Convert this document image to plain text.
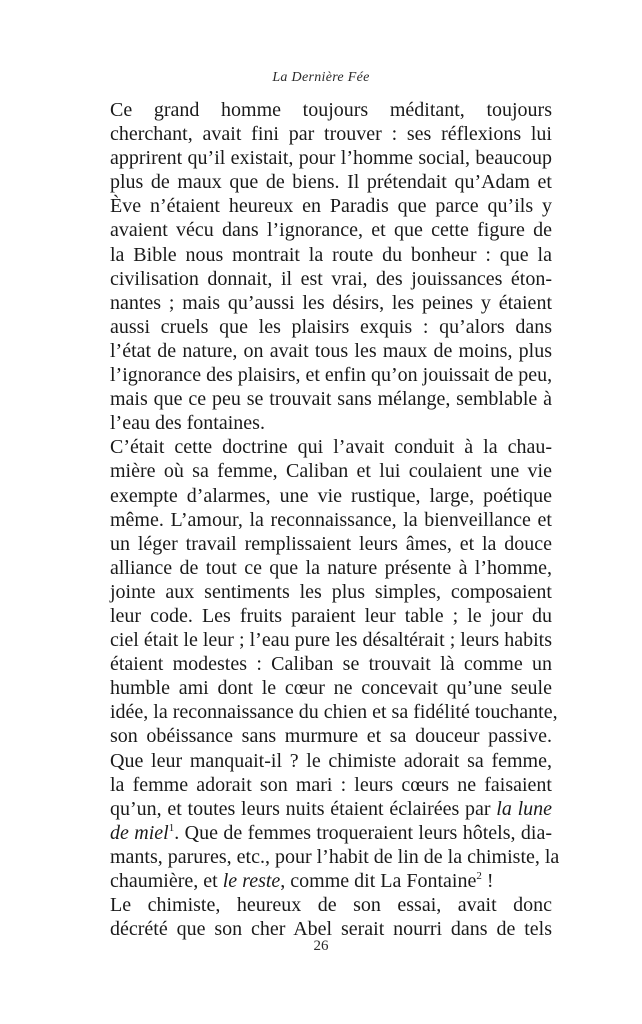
La Dernière Fée

Ce grand homme toujours méditant, toujours
cherchant, avait fini par trouver : ses réflexions lui
apprirent qu’il existait, pour l’homme social, beaucoup
plus de maux que de biens. Il prétendait qu’Adam et
Ève n’étaient heureux en Paradis que parce qu’ils y
avaient vécu dans l’ignorance, et que cette figure de
la Bible nous montrait la route du bonheur : que la
civilisation donnait, il est vrai, des jouissances éton-
nantes ; mais qu’aussi les désirs, les peines y étaient
aussi cruels que les plaisirs exquis : qu’alors dans
l’état de nature, on avait tous les maux de moins, plus
l’ignorance des plaisirs, et enfin qu’on jouissait de peu,
mais que ce peu se trouvait sans mélange, semblable à
l’eau des fontaines.

C’était cette doctrine qui l’avait conduit à la chau-
mière où sa femme, Caliban et lui coulaient une vie
exempte d’alarmes, une vie rustique, large, poétique
même. L’amour, la reconnaissance, la bienveillance et
un léger travail remplissaient leurs âmes, et la douce
alliance de tout ce que la nature présente à l’homme,
jointe aux sentiments les plus simples, composaient
leur code. Les fruits paraient leur table ; le jour du
ciel était le leur ; l’eau pure les désaltérait ; leurs habits
étaient modestes : Caliban se trouvait là comme un
humble ami dont le cœur ne concevait qu’une seule
idée, la reconnaissance du chien et sa fidélité touchante,
son obéissance sans murmure et sa douceur passive.
Que leur manquait-il ? le chimiste adorait sa femme,
la femme adorait son mari : leurs cœurs ne faisaient
qu’un, et toutes leurs nuits étaient éclairées par la lune
de miel$^1$. Que de femmes troqueraient leurs hôtels, dia-
mants, parures, etc., pour l’habit de lin de la chimiste, la
chaumière, et le reste, comme dit La Fontaine$^2$ !

Le chimiste, heureux de son essai, avait donc
décrété que son cher Abel serait nourri dans de tels

26
